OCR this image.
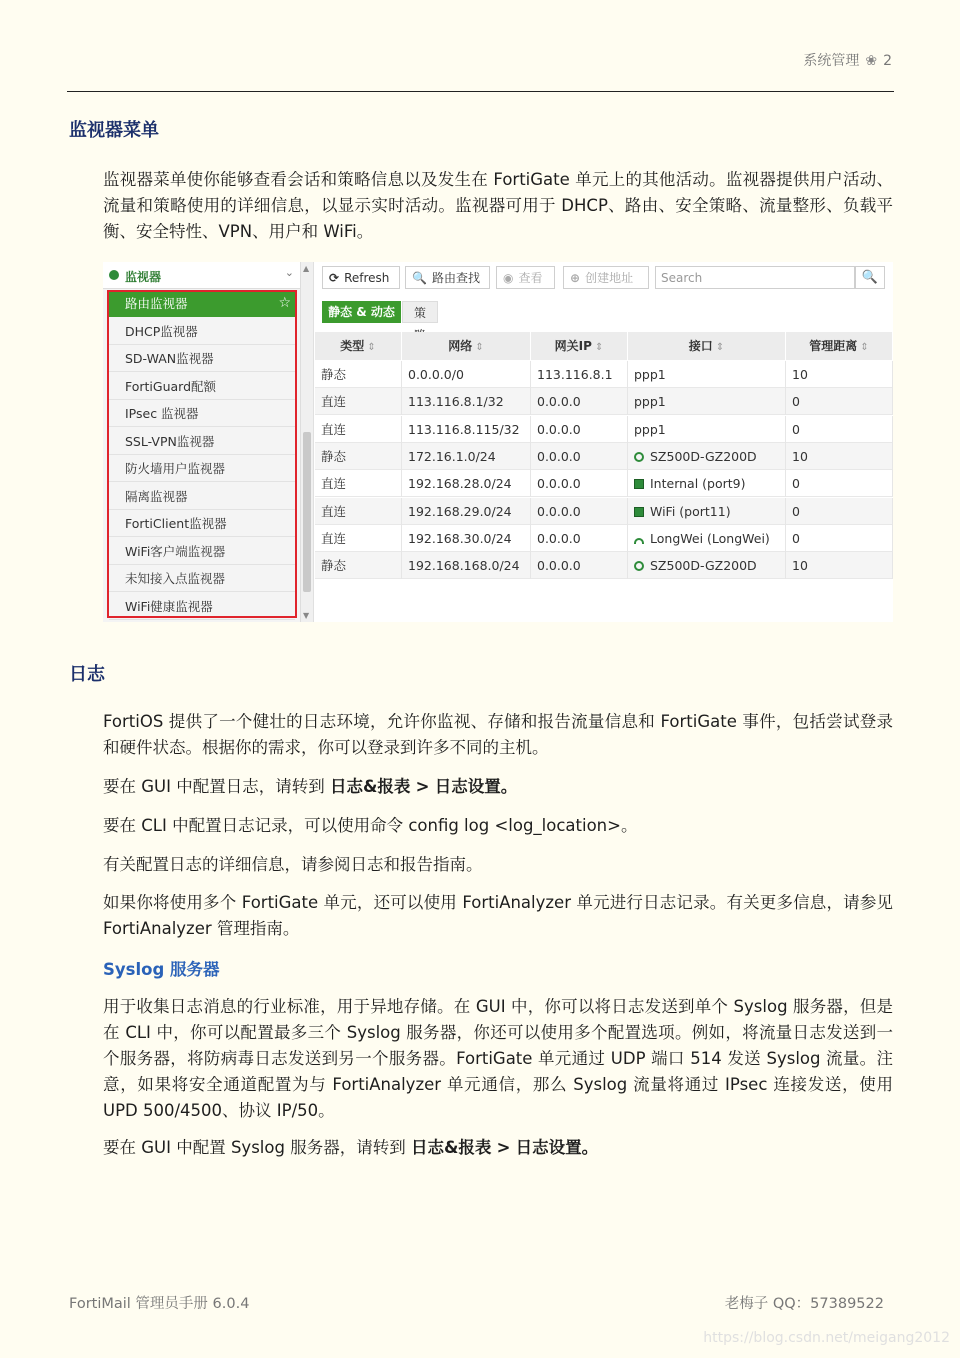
系统管理 ❀ 2
监视器菜单
监视器菜单使你能够查看会话和策略信息以及发生在 FortiGate 单元上的其他活动。监视器提供用户活动、流量和策略使用的详细信息，以显示实时活动。监视器可用于 DHCP、路由、安全策略、流量整形、负载平衡、安全特性、VPN、用户和 WiFi。
监视器	⌄
路由监视器	☆
DHCP监视器
SD-WAN监视器
FortiGuard配额
IPsec 监视器
SSL-VPN监视器
防火墙用户监视器
隔离监视器
FortiClient监视器
WiFi客户端监视器
未知接入点监视器
WiFi健康监视器
▲
▼
⟳ Refresh	🔍 路由查找	◉ 查看	⊕ 创建地址	Search	🔍
静态 & 动态	策
类型 ⇕	网络 ⇕	网关IP ⇕	接口 ⇕	管理距离 ⇕
静态	0.0.0.0/0	113.116.8.1	ppp1	10
直连	113.116.8.1/32	0.0.0.0	ppp1	0
直连	113.116.8.115/32	0.0.0.0	ppp1	0
静态	172.16.1.0/24	0.0.0.0	SZ500D-GZ200D	10
直连	192.168.28.0/24	0.0.0.0	Internal (port9)	0
直连	192.168.29.0/24	0.0.0.0	WiFi (port11)	0
直连	192.168.30.0/24	0.0.0.0	LongWei (LongWei)	0
静态	192.168.168.0/24	0.0.0.0	SZ500D-GZ200D	10
日志
FortiOS 提供了一个健壮的日志环境，允许你监视、存储和报告流量信息和 FortiGate 事件，包括尝试登录和硬件状态。根据你的需求，你可以登录到许多不同的主机。
要在 GUI 中配置日志，请转到 日志&报表 > 日志设置。
要在 CLI 中配置日志记录，可以使用命令 config log <log_location>。
有关配置日志的详细信息，请参阅日志和报告指南。
如果你将使用多个 FortiGate 单元，还可以使用 FortiAnalyzer 单元进行日志记录。有关更多信息，请参见 FortiAnalyzer 管理指南。
Syslog 服务器
用于收集日志消息的行业标准，用于异地存储。在 GUI 中，你可以将日志发送到单个 Syslog 服务器，但是在 CLI 中，你可以配置最多三个 Syslog 服务器，你还可以使用多个配置选项。例如，将流量日志发送到一个服务器，将防病毒日志发送到另一个服务器。FortiGate 单元通过 UDP 端口 514 发送 Syslog 流量。注意，如果将安全通道配置为与 FortiAnalyzer 单元通信，那么 Syslog 流量将通过 IPsec 连接发送，使用 UPD 500/4500、协议 IP/50。
要在 GUI 中配置 Syslog 服务器，请转到 日志&报表 > 日志设置。
FortiMail 管理员手册 6.0.4	老梅子 QQ：57389522
https://blog.csdn.net/meigang2012
